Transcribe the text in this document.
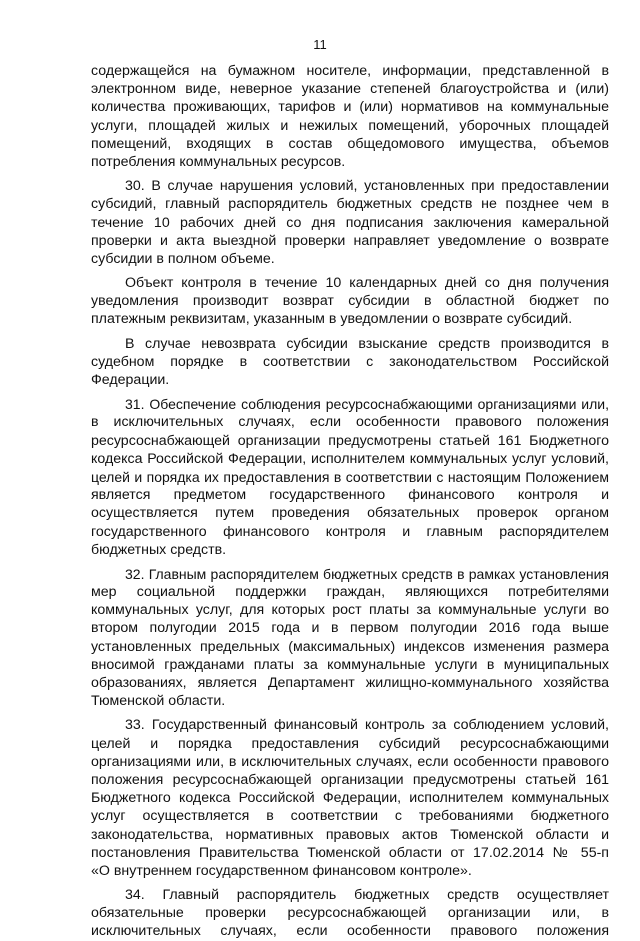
11
содержащейся на бумажном носителе, информации, представленной в
электронном виде, неверное указание степеней благоустройства и (или)
количества проживающих, тарифов и (или) нормативов на коммунальные
услуги, площадей жилых и нежилых помещений, уборочных площадей
помещений, входящих в состав общедомового имущества, объемов
потребления коммунальных ресурсов.
30. В случае нарушения условий, установленных при предоставлении
субсидий, главный распорядитель бюджетных средств не позднее чем в
течение 10 рабочих дней со дня подписания заключения камеральной
проверки и акта выездной проверки направляет уведомление о возврате
субсидии в полном объеме.
Объект контроля в течение 10 календарных дней со дня получения
уведомления производит возврат субсидии в областной бюджет по
платежным реквизитам, указанным в уведомлении о возврате субсидий.
В случае невозврата субсидии взыскание средств производится в
судебном порядке в соответствии с законодательством Российской
Федерации.
31. Обеспечение соблюдения ресурсоснабжающими организациями или,
в исключительных случаях, если особенности правового положения
ресурсоснабжающей организации предусмотрены статьей 161 Бюджетного
кодекса Российской Федерации, исполнителем коммунальных услуг условий,
целей и порядка их предоставления в соответствии с настоящим Положением
является предметом государственного финансового контроля и
осуществляется путем проведения обязательных проверок органом
государственного финансового контроля и главным распорядителем
бюджетных средств.
32. Главным распорядителем бюджетных средств в рамках установления
мер социальной поддержки граждан, являющихся потребителями
коммунальных услуг, для которых рост платы за коммунальные услуги во
втором полугодии 2015 года и в первом полугодии 2016 года выше
установленных предельных (максимальных) индексов изменения размера
вносимой гражданами платы за коммунальные услуги в муниципальных
образованиях, является Департамент жилищно-коммунального хозяйства
Тюменской области.
33. Государственный финансовый контроль за соблюдением условий,
целей и порядка предоставления субсидий ресурсоснабжающими
организациями или, в исключительных случаях, если особенности правового
положения ресурсоснабжающей организации предусмотрены статьей 161
Бюджетного кодекса Российской Федерации, исполнителем коммунальных
услуг осуществляется в соответствии с требованиями бюджетного
законодательства, нормативных правовых актов Тюменской области и
постановления Правительства Тюменской области от 17.02.2014 № 55-п
«О внутреннем государственном финансовом контроле».
34. Главный распорядитель бюджетных средств осуществляет
обязательные проверки ресурсоснабжающей организации или, в
исключительных случаях, если особенности правового положения
